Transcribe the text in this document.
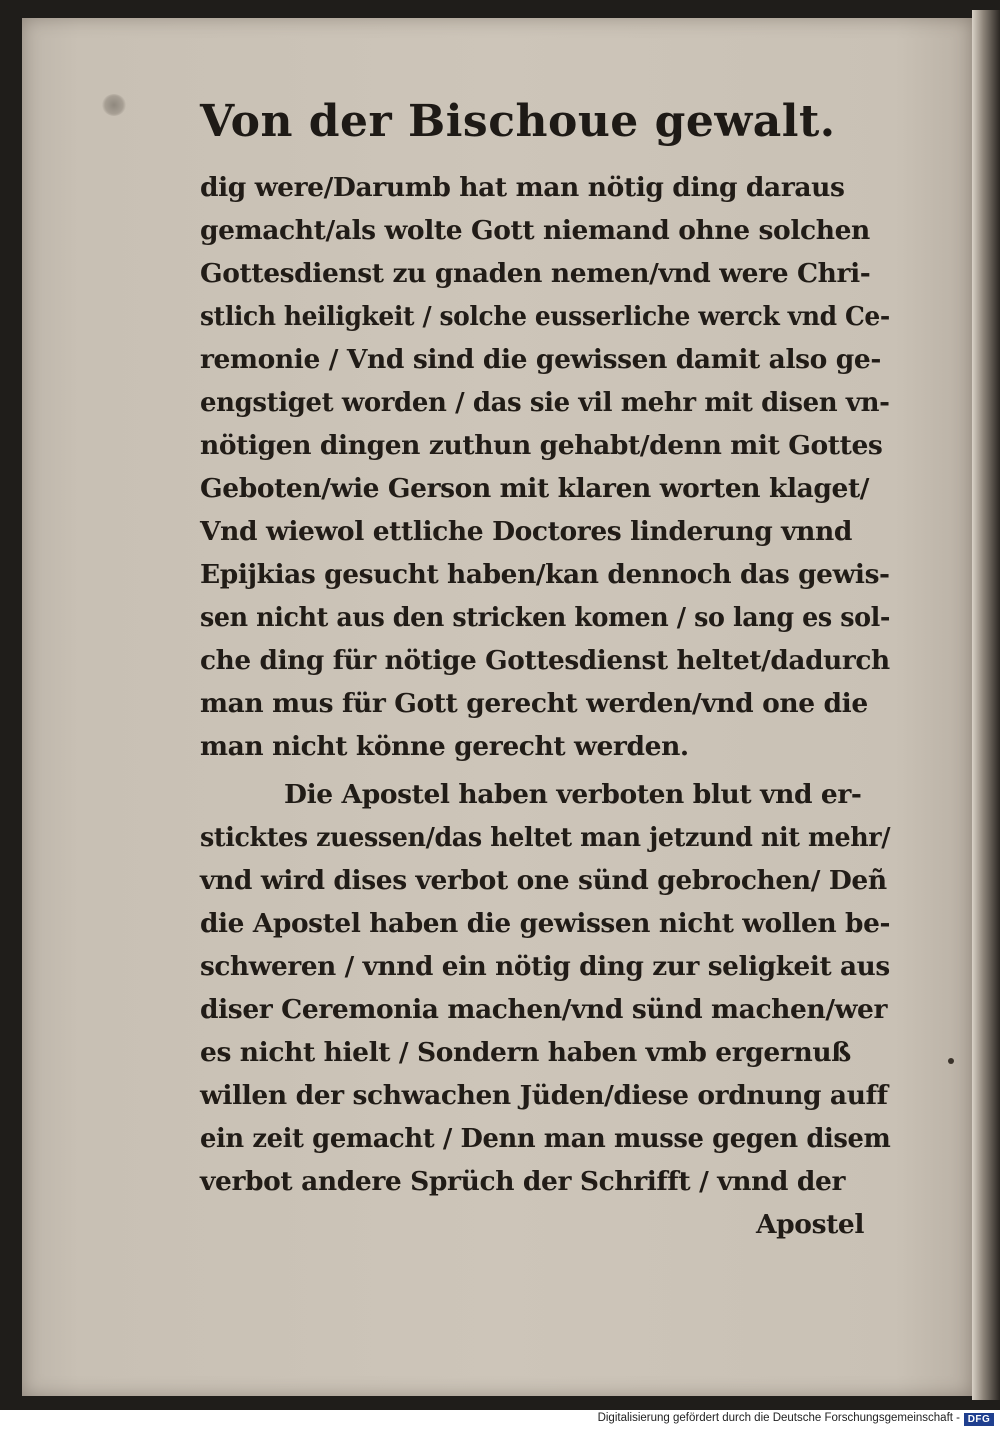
Von der Bischoue gewalt.
dig were/Darumb hat man nötig ding daraus
gemacht/als wolte Gott niemand ohne solchen
Gottesdienst zu gnaden nemen/vnd were Chri-
stlich heiligkeit / solche eusserliche werck vnd Ce-
remonie / Vnd sind die gewissen damit also ge-
engstiget worden / das sie vil mehr mit disen vn-
nötigen dingen zuthun gehabt/denn mit Gottes
Geboten/wie Gerson mit klaren worten klaget/
Vnd wiewol ettliche Doctores linderung vnnd
Epijkias gesucht haben/kan dennoch das gewis-
sen nicht aus den stricken komen / so lang es sol-
che ding für nötige Gottesdienst heltet/dadurch
man mus für Gott gerecht werden/vnd one die
man nicht könne gerecht werden.
Die Apostel haben verboten blut vnd er-
sticktes zuessen/das heltet man jetzund nit mehr/
vnd wird dises verbot one sünd gebrochen/ Deñ
die Apostel haben die gewissen nicht wollen be-
schweren / vnnd ein nötig ding zur seligkeit aus
diser Ceremonia machen/vnd sünd machen/wer
es nicht hielt / Sondern haben vmb ergernuß
willen der schwachen Jüden/diese ordnung auff
ein zeit gemacht / Denn man musse gegen disem
verbot andere Sprüch der Schrifft / vnnd der
Apostel
Digitalisierung gefördert durch die Deutsche Forschungsgemeinschaft - DFG
